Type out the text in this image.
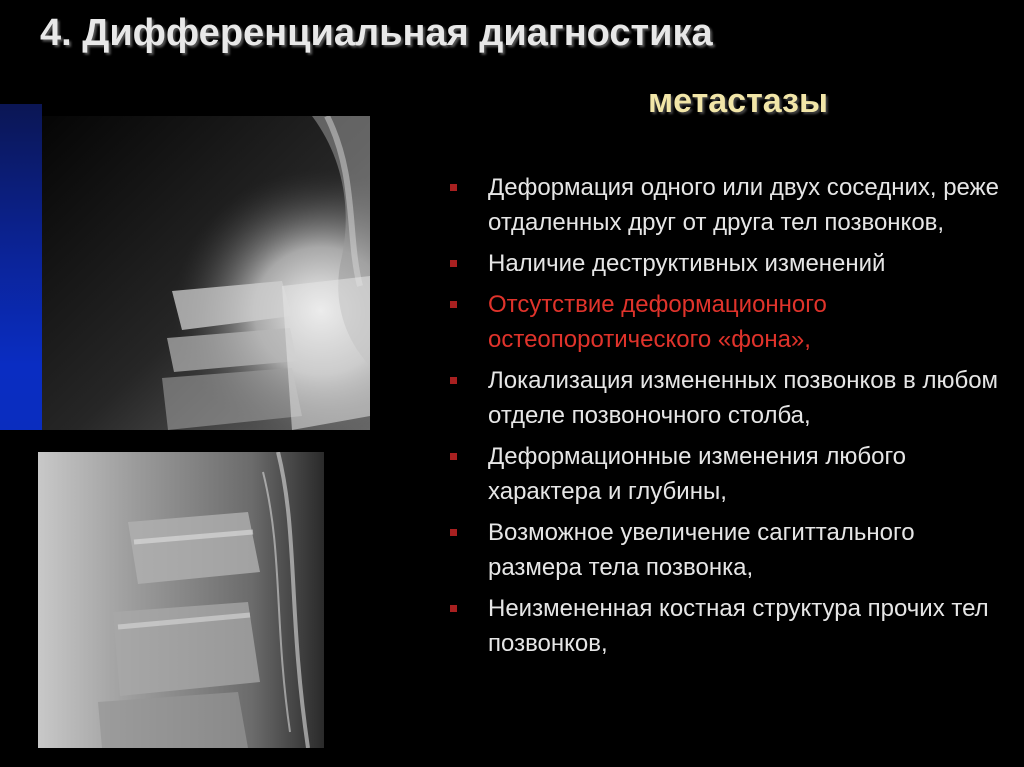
4. Дифференциальная диагностика
метастазы
Деформация одного или двух соседних, реже отдаленных друг от друга тел позвонков,
Наличие деструктивных изменений
Отсутствие деформационного остеопоротического «фона»,
Локализация измененных позвонков в любом отделе позвоночного столба,
Деформационные изменения любого характера и глубины,
Возможное увеличение сагиттального размера тела позвонка,
Неизмененная костная структура прочих тел позвонков,
